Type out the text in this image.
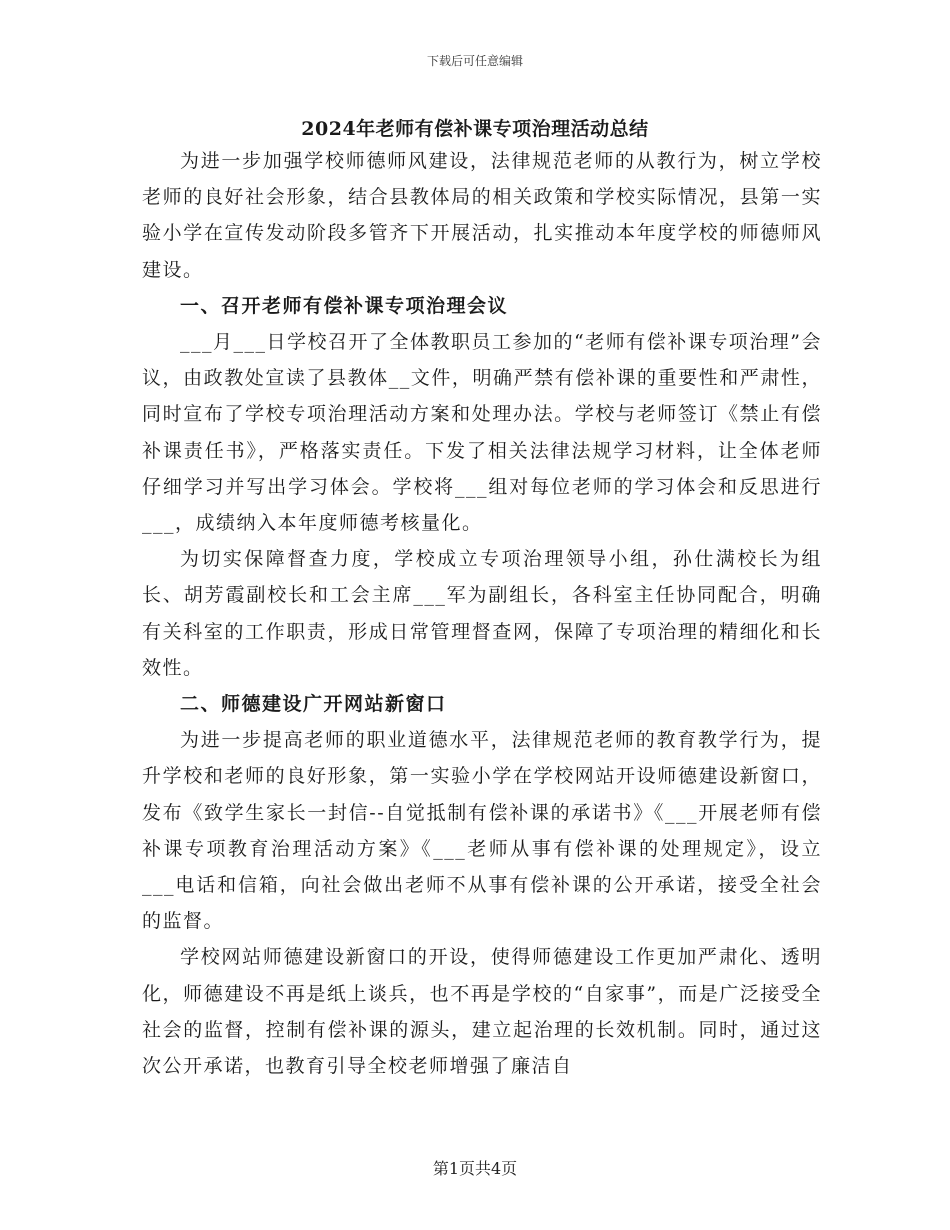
下载后可任意编辑
2024年老师有偿补课专项治理活动总结

为进一步加强学校师德师风建设，法律规范老师的从教行为，树立学校老师的良好社会形象，结合县教体局的相关政策和学校实际情况，县第一实验小学在宣传发动阶段多管齐下开展活动，扎实推动本年度学校的师德师风建设。

一、召开老师有偿补课专项治理会议

___月___日学校召开了全体教职员工参加的“老师有偿补课专项治理”会议，由政教处宣读了县教体__文件，明确严禁有偿补课的重要性和严肃性，同时宣布了学校专项治理活动方案和处理办法。学校与老师签订《禁止有偿补课责任书》，严格落实责任。下发了相关法律法规学习材料，让全体老师仔细学习并写出学习体会。学校将___组对每位老师的学习体会和反思进行___，成绩纳入本年度师德考核量化。

为切实保障督查力度，学校成立专项治理领导小组，孙仕满校长为组长、胡芳霞副校长和工会主席___军为副组长，各科室主任协同配合，明确有关科室的工作职责，形成日常管理督查网，保障了专项治理的精细化和长效性。

二、师德建设广开网站新窗口

为进一步提高老师的职业道德水平，法律规范老师的教育教学行为，提升学校和老师的良好形象，第一实验小学在学校网站开设师德建设新窗口，发布《致学生家长一封信--自觉抵制有偿补课的承诺书》《___开展老师有偿补课专项教育治理活动方案》《___老师从事有偿补课的处理规定》，设立___电话和信箱，向社会做出老师不从事有偿补课的公开承诺，接受全社会的监督。

学校网站师德建设新窗口的开设，使得师德建设工作更加严肃化、透明化，师德建设不再是纸上谈兵，也不再是学校的“自家事”，而是广泛接受全社会的监督，控制有偿补课的源头，建立起治理的长效机制。同时，通过这次公开承诺，也教育引导全校老师增强了廉洁自

第1页共4页
